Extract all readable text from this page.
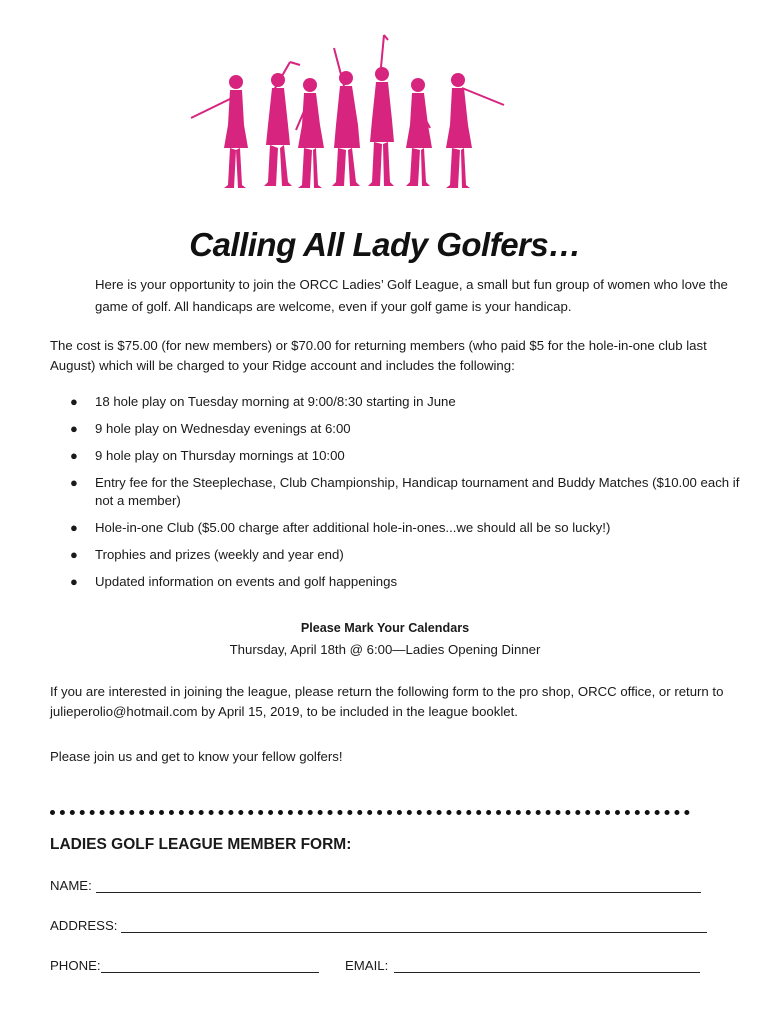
Calling All Lady Golfers…
Here is your opportunity to join the ORCC Ladies’ Golf League, a small but fun group of women who love the game of golf. All handicaps are welcome, even if your golf game is your handicap.
The cost is $75.00 (for new members) or $70.00 for returning members (who paid $5 for the hole-in-one club last August) which will be charged to your Ridge account and includes the following:
● 18 hole play on Tuesday morning at 9:00/8:30 starting in June
● 9 hole play on Wednesday evenings at 6:00
● 9 hole play on Thursday mornings at 10:00
● Entry fee for the Steeplechase, Club Championship, Handicap tournament and Buddy Matches ($10.00 each if not a member)
● Hole-in-one Club ($5.00 charge after additional hole-in-ones...we should all be so lucky!)
● Trophies and prizes (weekly and year end)
● Updated information on events and golf happenings
Please Mark Your Calendars
Thursday, April 18th @ 6:00—Ladies Opening Dinner
If you are interested in joining the league, please return the following form to the pro shop, ORCC office, or return to julieperolio@hotmail.com by April 15, 2019, to be included in the league booklet.
Please join us and get to know your fellow golfers!
LADIES GOLF LEAGUE MEMBER FORM:
NAME:
ADDRESS:
PHONE:	EMAIL:
